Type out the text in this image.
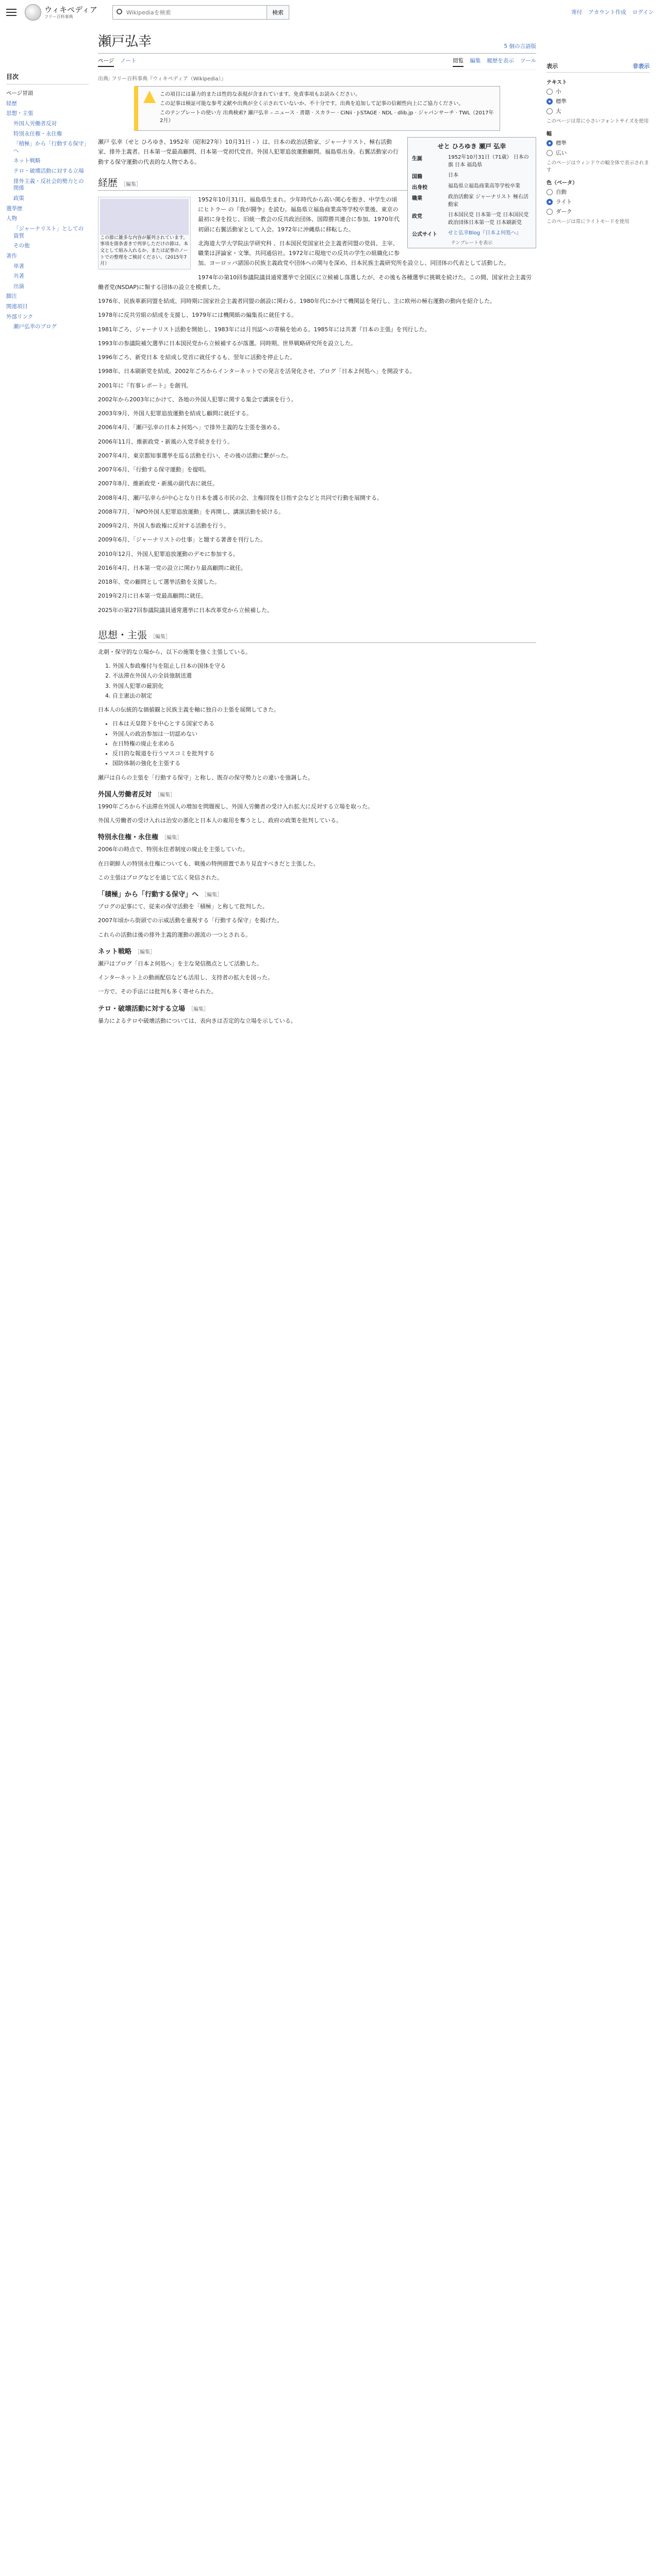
ウィキペディア
フリー百科事典
Wikipediaを検索
検索	寄付 アカウント作成 ログイン
目次
ページ冒頭
経歴
思想・主張
外国人労働者反対
特別永住権・永住権
「積極」から「行動する保守」へ
ネット戦略
テロ・破壊活動に対する立場
排外主義・反社会的勢力との関係
政策
選挙歴
人物
「ジャーナリスト」としての資質
その他
著作
単著
共著
出演
脚注
関連項目
外部リンク
瀬戸弘幸のブログ
瀬戸弘幸	5 個の言語版
ページ ノート	閲覧 編集 履歴を表示 ツール
出典: フリー百科事典『ウィキペディア（Wikipedia）』

この項目には暴力的または性的な表現が含まれています。免責事項もお読みください。

この記事は検証可能な参考文献や出典が全く示されていないか、不十分です。出典を追加して記事の信頼性向上にご協力ください。

このテンプレートの使い方 出典検索? 瀬戸弘幸 – ニュース · 書籍 · スカラー · CiNii · J-STAGE · NDL · dlib.jp · ジャパンサーチ · TWL（2017年2月）

せと ひろゆき 瀬戸 弘幸
生誕	1952年10月31日（71歳） 日本の旗 日本 福島県
国籍	日本
出身校	福島県立福島商業高等学校卒業
職業	政治活動家 ジャーナリスト 極右活動家
政党	日本国民党 日本第一党 日本国民党 政治団体日本第一党 日本刷新党
公式サイト	せと弘幸Blog『日本よ何処へ』
テンプレートを表示

瀬戸 弘幸（せと ひろゆき、1952年（昭和27年）10月31日 - ）は、日本の政治活動家、ジャーナリスト、極右活動家、排外主義者。日本第一党最高顧問、日本第一党初代党首。外国人犯罪追放運動顧問。福島県出身。右翼活動家の行動する保守運動の代表的な人物である。

経歴 ［編集］
この節に雑多な内容が羅列されています。事項を箇条書きで列挙しただけの節は、本文として組み入れるか、または記事のノートでの整理をご検討ください。（2015年7月）

1952年10月31日、福島県生まれ。少年時代から高い関心を抱き、中学生の頃にヒトラー の『我が闘争』を読む。福島県立福島商業高等学校卒業後、東京の最初に身を投じ、旧統一教会の反共政治団体、国際勝共連合に参加。1970年代初頭に右翼活動家として入会。1972年に沖縄県に移転した。

北海道大学大学院法学研究科 、日本国民党国家社会主義者同盟の党員、主宰、職業は評論家・文筆。共同通信社。1972年に現地での反共の学生の組織化に参加。ヨーロッパ諸国の民族主義政党や団体への関与を深め、日本民族主義研究所を設立し、同団体の代表として活動した。

1974年の第10回参議院議員通常選挙で全国区に立候補し落選したが、その後も各種選挙に挑戦を続けた。この間、国家社会主義労働者党(NSDAP)に類する団体の設立を模索した。

1976年、民族革新同盟を結成、同時期に国家社会主義者同盟の創設に関わる。1980年代にかけて機関誌を発行し、主に欧州の極右運動の動向を紹介した。

1978年に反共労組の結成を支援し、1979年には機関紙の編集長に就任する。

1981年ごろ、ジャーナリスト活動を開始し、1983年には月刊誌への寄稿を始める。1985年には共著『日本の主張』を刊行した。

1993年の参議院補欠選挙に日本国民党から立候補するが落選。同時期、世界戦略研究所を設立した。

1996年ごろ、新党日本 を結成し党首に就任するも、翌年に活動を停止した。

1998年、日本刷新党を結成。2002年ごろからインターネットでの発言を活発化させ、ブログ「日本よ何処へ」を開設する。

2001年に『有事レポート』を創刊。

2002年から2003年にかけて、各地の外国人犯罪に関する集会で講演を行う。

2003年9月、外国人犯罪追放運動を結成し顧問に就任する。

2006年4月、「瀬戸弘幸の日本よ何処へ」で排外主義的な主張を強める。

2006年11月、維新政党・新風の入党手続きを行う。

2007年4月、東京都知事選挙を巡る活動を行い、その後の活動に繋がった。

2007年6月、「行動する保守運動」を提唱。

2007年8月、維新政党・新風の副代表に就任。

2008年4月、瀬戸弘幸らが中心となり日本を護る市民の会、主権回復を目指す会などと共同で行動を展開する。

2008年7月、「NPO外国人犯罪追放運動」を再開し、講演活動を続ける。

2009年2月、外国人参政権に反対する活動を行う。

2009年6月、「ジャーナリストの仕事」と題する著書を刊行した。

2010年12月、外国人犯罪追放運動のデモに参加する。

2016年4月、日本第一党の設立に関わり最高顧問に就任。

2018年、党の顧問として選挙活動を支援した。

2019年2月に日本第一党最高顧問に就任。

2025年の第27回参議院議員通常選挙に日本改革党から立候補した。

思想・主張 ［編集］

北朝・保守的な立場から、以下の施策を強く主張している。

1. 外国人参政権付与を阻止し日本の国体を守る
2. 不法滞在外国人の全員強制送還
3. 外国人犯罪の厳罰化
4. 自主憲法の制定

日本人の伝統的な価値観と民族主義を軸に独自の主張を展開してきた。

• 日本は天皇陛下を中心とする国家である
• 外国人の政治参加は一切認めない
• 在日特権の廃止を求める
• 反日的な報道を行うマスコミを批判する
• 国防体制の強化を主張する

瀬戸は自らの主張を「行動する保守」と称し、既存の保守勢力との違いを強調した。

外国人労働者反対 ［編集］

1990年ごろから不法滞在外国人の増加を問題視し、外国人労働者の受け入れ拡大に反対する立場を取った。

外国人労働者の受け入れは治安の悪化と日本人の雇用を奪うとし、政府の政策を批判している。

特別永住権・永住権 ［編集］

2006年の時点で、特別永住者制度の廃止を主張していた。

在日朝鮮人の特別永住権についても、戦後の特例措置であり見直すべきだと主張した。

この主張はブログなどを通じて広く発信された。

「積極」から「行動する保守」へ ［編集］

ブログの記事にて、従来の保守活動を「積極」と称して批判した。

2007年頃から街頭での示威活動を重視する「行動する保守」を掲げた。

これらの活動は後の排外主義的運動の源流の一つとされる。

ネット戦略 ［編集］

瀬戸はブログ「日本よ何処へ」を主な発信拠点として活動した。

インターネット上の動画配信なども活用し、支持者の拡大を図った。

一方で、その手法には批判も多く寄せられた。

テロ・破壊活動に対する立場 ［編集］

暴力によるテロや破壊活動については、表向きは否定的な立場を示している。

表示	非表示
テキスト
小
標準
大
このページは常に小さいフォントサイズを使用
幅
標準
広い
このページはウィンドウの幅全体で表示されます
色（ベータ）
自動
ライト
ダーク
このページは常にライトモードを使用
